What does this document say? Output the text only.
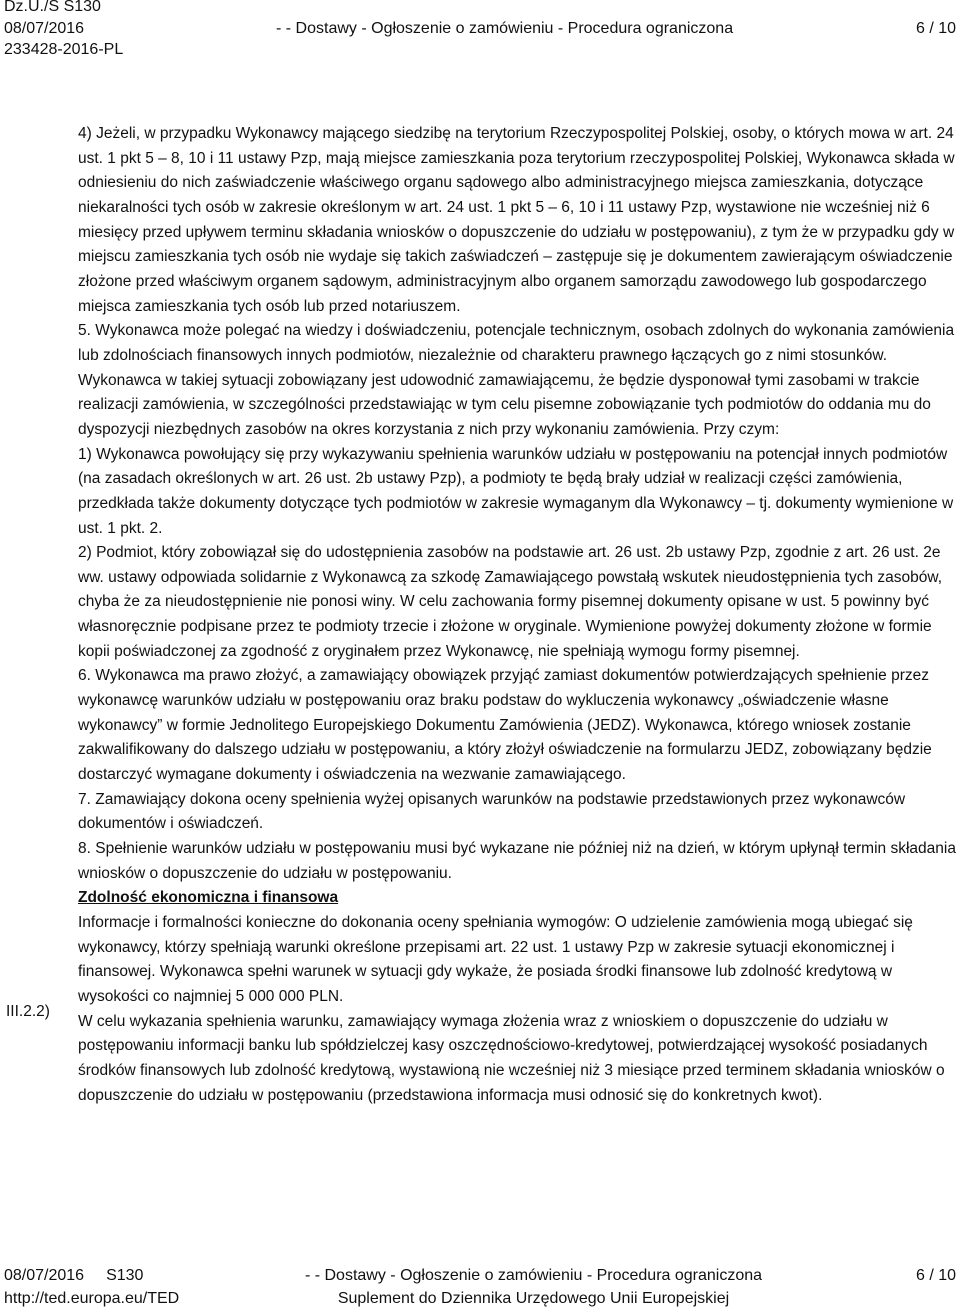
Dz.U./S S130
08/07/2016
233428-2016-PL
- - Dostawy - Ogłoszenie o zamówieniu - Procedura ograniczona	6 / 10

4) Jeżeli, w przypadku Wykonawcy mającego siedzibę na terytorium Rzeczypospolitej Polskiej, osoby, o których mowa w art. 24 ust. 1 pkt 5 – 8, 10 i 11 ustawy Pzp, mają miejsce zamieszkania poza terytorium rzeczypospolitej Polskiej, Wykonawca składa w odniesieniu do nich zaświadczenie właściwego organu sądowego albo administracyjnego miejsca zamieszkania, dotyczące niekaralności tych osób w zakresie określonym w art. 24 ust. 1 pkt 5 – 6, 10 i 11 ustawy Pzp, wystawione nie wcześniej niż 6 miesięcy przed upływem terminu składania wniosków o dopuszczenie do udziału w postępowaniu), z tym że w przypadku gdy w miejscu zamieszkania tych osób nie wydaje się takich zaświadczeń – zastępuje się je dokumentem zawierającym oświadczenie złożone przed właściwym organem sądowym, administracyjnym albo organem samorządu zawodowego lub gospodarczego miejsca zamieszkania tych osób lub przed notariuszem.

5. Wykonawca może polegać na wiedzy i doświadczeniu, potencjale technicznym, osobach zdolnych do wykonania zamówienia lub zdolnościach finansowych innych podmiotów, niezależnie od charakteru prawnego łączących go z nimi stosunków. Wykonawca w takiej sytuacji zobowiązany jest udowodnić zamawiającemu, że będzie dysponował tymi zasobami w trakcie realizacji zamówienia, w szczególności przedstawiając w tym celu pisemne zobowiązanie tych podmiotów do oddania mu do dyspozycji niezbędnych zasobów na okres korzystania z nich przy wykonaniu zamówienia. Przy czym:

1) Wykonawca powołujący się przy wykazywaniu spełnienia warunków udziału w postępowaniu na potencjał innych podmiotów (na zasadach określonych w art. 26 ust. 2b ustawy Pzp), a podmioty te będą brały udział w realizacji części zamówienia, przedkłada także dokumenty dotyczące tych podmiotów w zakresie wymaganym dla Wykonawcy – tj. dokumenty wymienione w ust. 1 pkt. 2.

2) Podmiot, który zobowiązał się do udostępnienia zasobów na podstawie art. 26 ust. 2b ustawy Pzp, zgodnie z art. 26 ust. 2e ww. ustawy odpowiada solidarnie z Wykonawcą za szkodę Zamawiającego powstałą wskutek nieudostępnienia tych zasobów, chyba że za nieudostępnienie nie ponosi winy. W celu zachowania formy pisemnej dokumenty opisane w ust. 5 powinny być własnoręcznie podpisane przez te podmioty trzecie i złożone w oryginale. Wymienione powyżej dokumenty złożone w formie kopii poświadczonej za zgodność z oryginałem przez Wykonawcę, nie spełniają wymogu formy pisemnej.

6. Wykonawca ma prawo złożyć, a zamawiający obowiązek przyjąć zamiast dokumentów potwierdzających spełnienie przez wykonawcę warunków udziału w postępowaniu oraz braku podstaw do wykluczenia wykonawcy „oświadczenie własne wykonawcy” w formie Jednolitego Europejskiego Dokumentu Zamówienia (JEDZ). Wykonawca, którego wniosek zostanie zakwalifikowany do dalszego udziału w postępowaniu, a który złożył oświadczenie na formularzu JEDZ, zobowiązany będzie dostarczyć wymagane dokumenty i oświadczenia na wezwanie zamawiającego.

7. Zamawiający dokona oceny spełnienia wyżej opisanych warunków na podstawie przedstawionych przez wykonawców dokumentów i oświadczeń.

8. Spełnienie warunków udziału w postępowaniu musi być wykazane nie później niż na dzień, w którym upłynął termin składania wniosków o dopuszczenie do udziału w postępowaniu.

Zdolność ekonomiczna i finansowa

Informacje i formalności konieczne do dokonania oceny spełniania wymogów: O udzielenie zamówienia mogą ubiegać się wykonawcy, którzy spełniają warunki określone przepisami art. 22 ust. 1 ustawy Pzp w zakresie sytuacji ekonomicznej i finansowej. Wykonawca spełni warunek w sytuacji gdy wykaże, że posiada środki finansowe lub zdolność kredytową w wysokości co najmniej 5 000 000 PLN.

W celu wykazania spełnienia warunku, zamawiający wymaga złożenia wraz z wnioskiem o dopuszczenie do udziału w postępowaniu informacji banku lub spółdzielczej kasy oszczędnościowo-kredytowej, potwierdzającej wysokość posiadanych środków finansowych lub zdolność kredytową, wystawioną nie wcześniej niż 3 miesiące przed terminem składania wniosków o dopuszczenie do udziału w postępowaniu (przedstawiona informacja musi odnosić się do konkretnych kwot).

III.2.2)
08/07/2016 S130
http://ted.europa.eu/TED
- - Dostawy - Ogłoszenie o zamówieniu - Procedura ograniczona
Suplement do Dziennika Urzędowego Unii Europejskiej
6 / 10
